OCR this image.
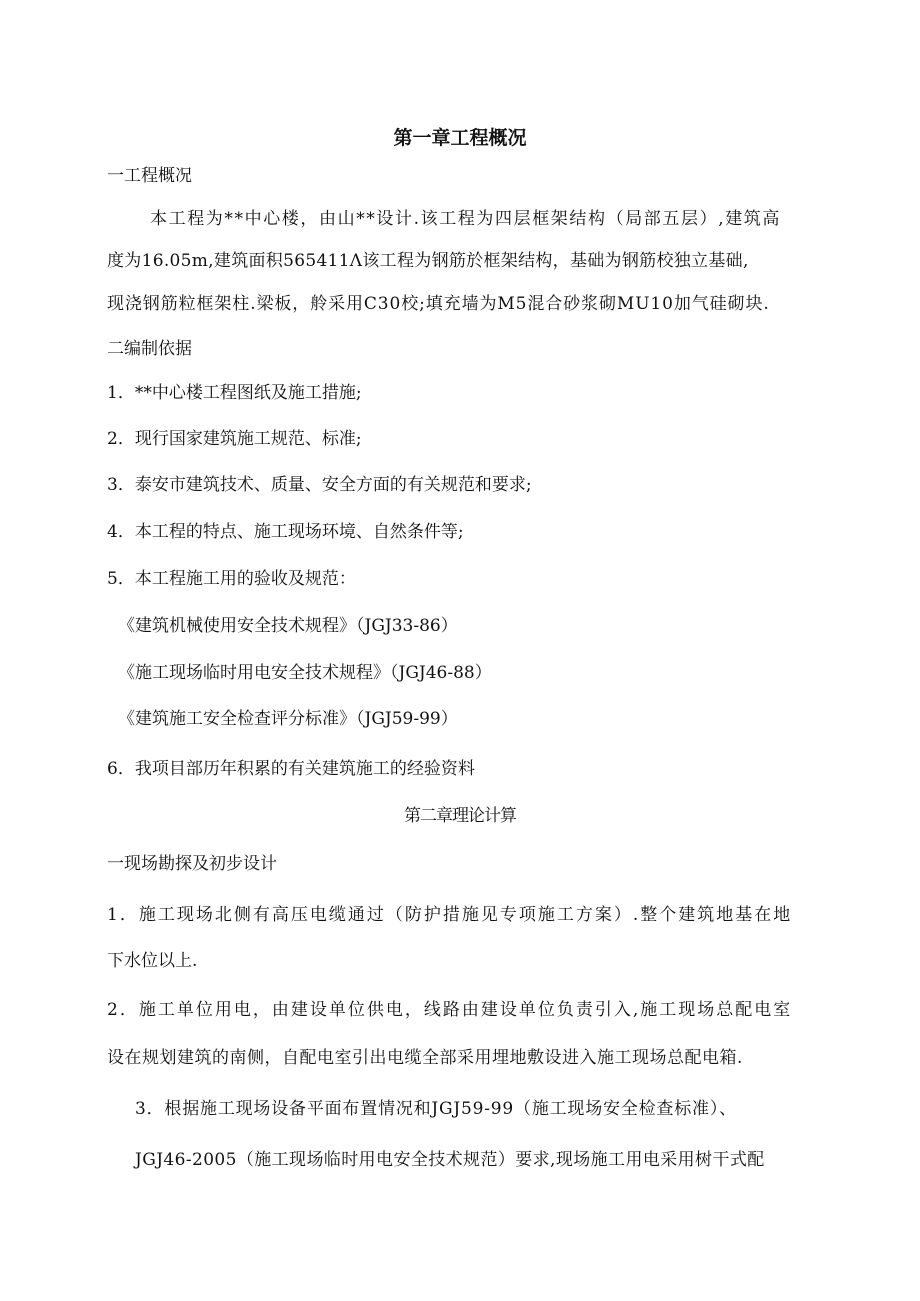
第一章工程概况
一工程概况
本工程为**中心楼，由山**设计.该工程为四层框架结构（局部五层）,建筑高
度为16.05m,建筑面积565411Λ该工程为钢筋於框架结构，基础为钢筋校独立基础,
现浇钢筋粒框架柱.梁板，舲采用C30校;填充墙为M5混合砂浆砌MU10加气硅砌块.
二编制依据
1．**中心楼工程图纸及施工措施;
2．现行国家建筑施工规范、标准;
3．泰安市建筑技术、质量、安全方面的有关规范和要求;
4．本工程的特点、施工现场环境、自然条件等;
5．本工程施工用的验收及规范：
《建筑机械使用安全技术规程》（JGJ33-86）
《施工现场临时用电安全技术规程》（JGJ46-88）
《建筑施工安全检查评分标准》（JGJ59-99）
6．我项目部历年积累的有关建筑施工的经验资料
第二章理论计算
一现场勘探及初步设计
1．施工现场北侧有高压电缆通过（防护措施见专项施工方案）.整个建筑地基在地
下水位以上.
2．施工单位用电，由建设单位供电，线路由建设单位负责引入,施工现场总配电室
设在规划建筑的南侧，自配电室引出电缆全部采用埋地敷设进入施工现场总配电箱.
3．根据施工现场设备平面布置情况和JGJ59-99（施工现场安全检查标准）、
JGJ46-2005（施工现场临时用电安全技术规范）要求,现场施工用电采用树干式配
